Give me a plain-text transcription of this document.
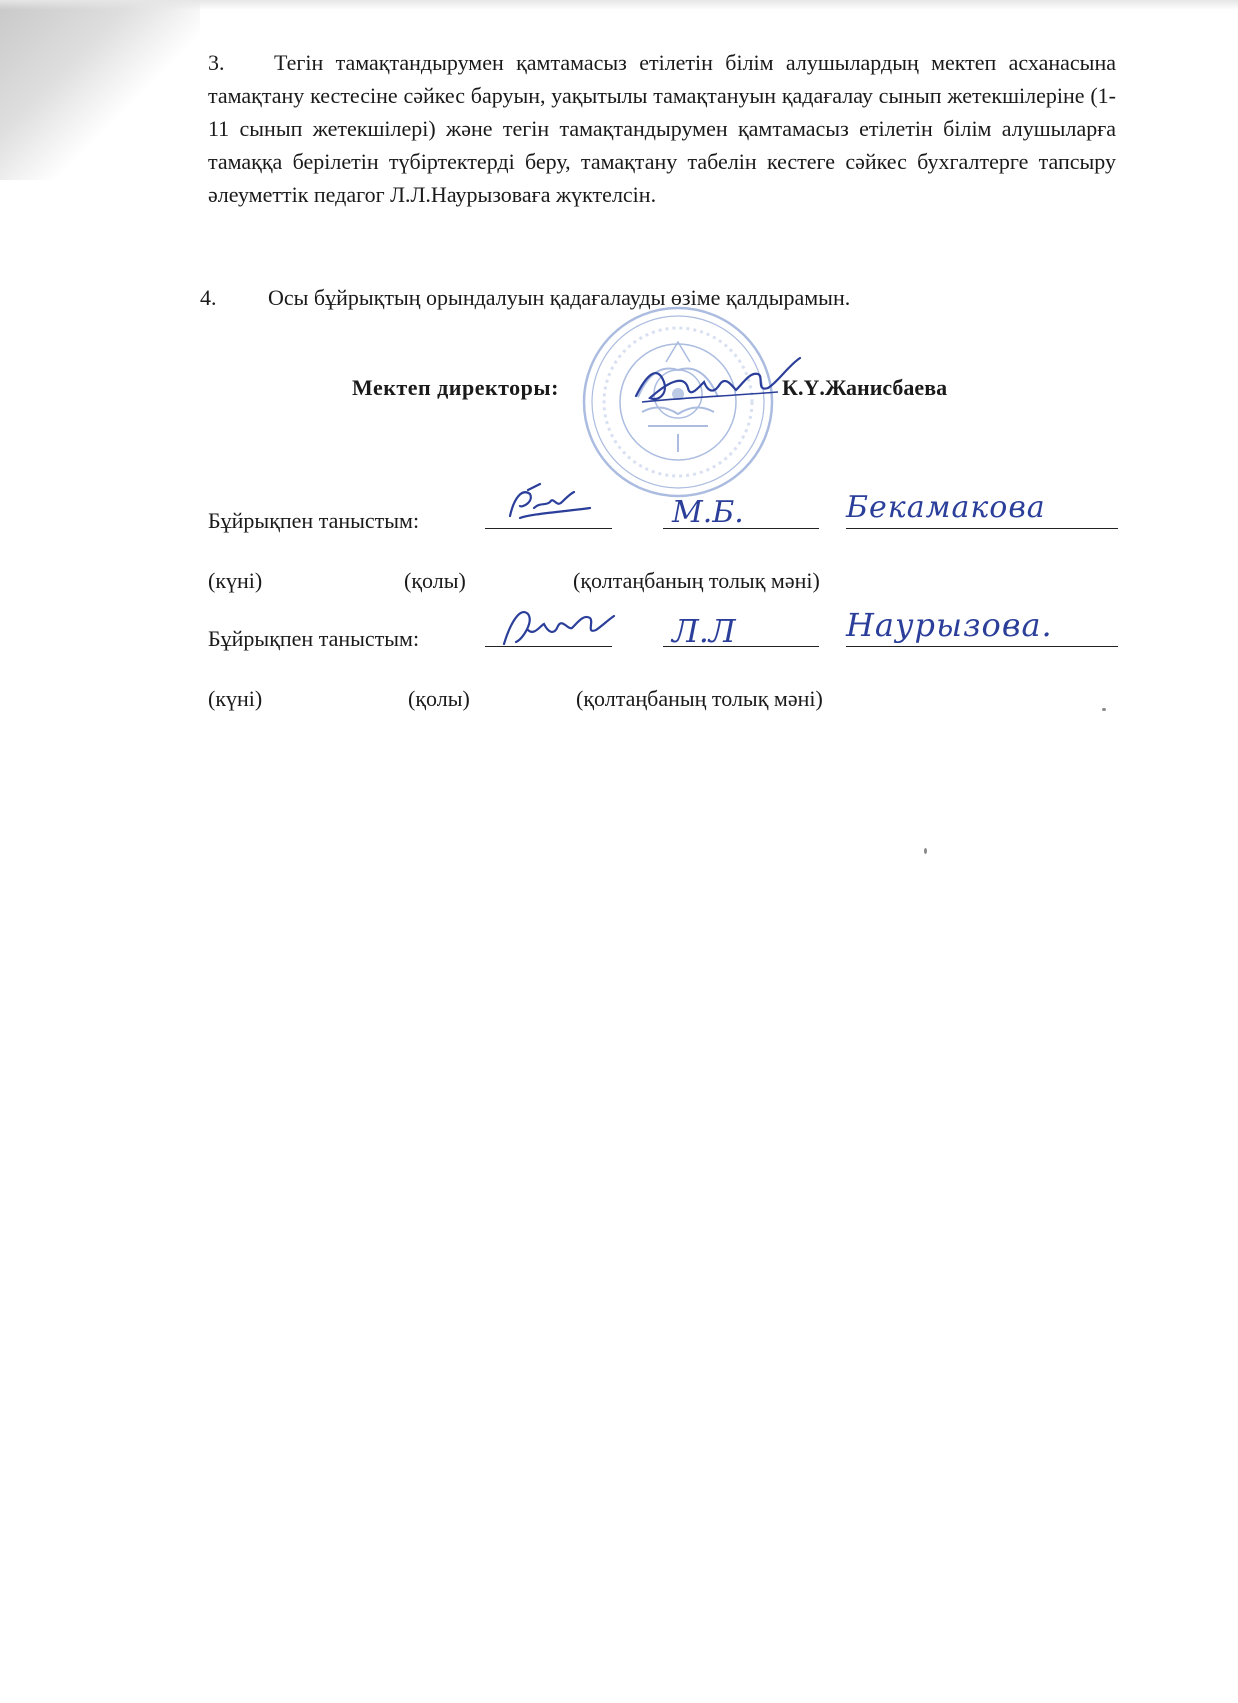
3. Тегін тамақтандырумен қамтамасыз етілетін білім алушылардың мектеп асханасына тамақтану кестесіне сәйкес баруын, уақытылы тамақтануын қадағалау сынып жетекшілеріне (1-11 сынып жетекшілері) және тегін тамақтандырумен қамтамасыз етілетін білім алушыларға тамаққа берілетін түбіртектерді беру, тамақтану табелін кестеге сәйкес бухгалтерге тапсыру әлеуметтік педагог Л.Л.Наурызоваға жүктелсін.
4. Осы бұйрықтың орындалуын қадағалауды өзіме қалдырамын.
Мектеп директоры:	К.Ү.Жанисбаева
Бұйрықпен таныстым:	М.Б.	Бекамакова
(күні)	(қолы)	(қолтаңбаның толық мәні)
Бұйрықпен таныстым:	Л.Л	Наурызова.
(күні)	(қолы)	(қолтаңбаның толық мәні)
